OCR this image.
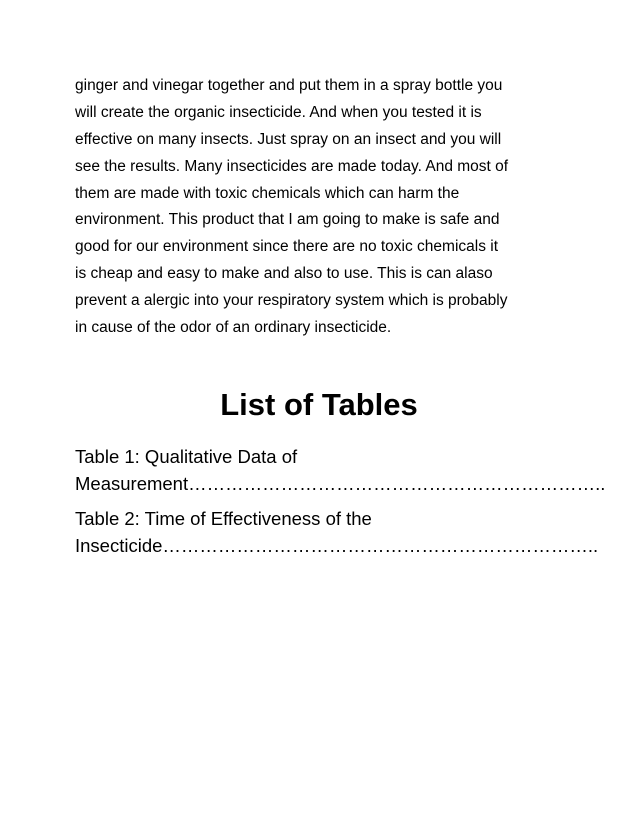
ginger and vinegar together and put them in a spray bottle you
will create the organic insecticide. And when you tested it is
effective on many insects. Just spray on an insect and you will
see the results. Many insecticides are made today. And most of
them are made with toxic chemicals which can harm the
environment. This product that I am going to make is safe and
good for our environment since there are no toxic chemicals it
is cheap and easy to make and also to use. This is can alaso
prevent a alergic into your respiratory system which is probably
in cause of the odor of an ordinary insecticide.
List of Tables
Table 1: Qualitative Data of
Measurement…………………………………………………………..
Table 2: Time of Effectiveness of the
Insecticide……………………………………………………………..
